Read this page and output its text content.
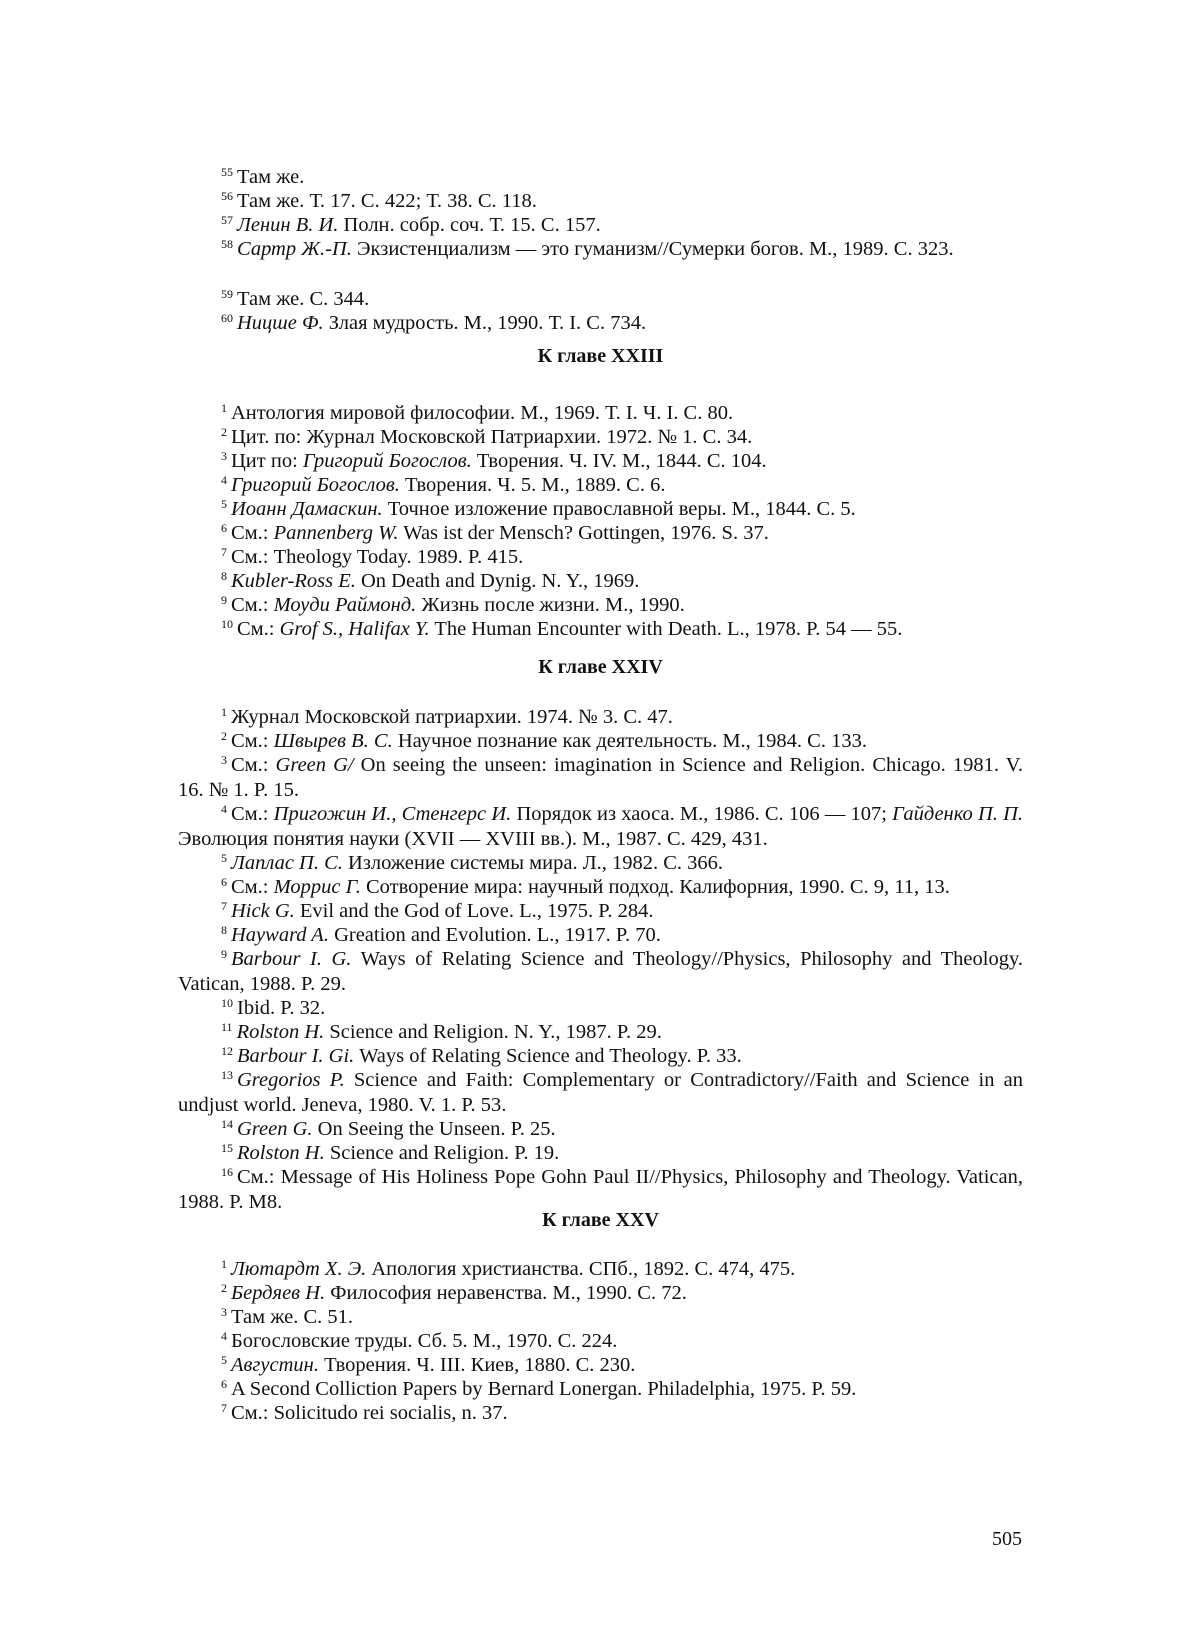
$^{55}$ Там же.
$^{56}$ Там же. Т. 17. С. 422; Т. 38. С. 118.
$^{57}$ Ленин В. И. Полн. собр. соч. Т. 15. С. 157.
$^{58}$ Сартр Ж.-П. Экзистенциализм — это гуманизм//Сумерки богов. М., 1989. С. 323.
$^{59}$ Там же. С. 344.
$^{60}$ Ницше Ф. Злая мудрость. М., 1990. Т. I. С. 734.
К главе XXIII
$^1$ Антология мировой философии. М., 1969. Т. I. Ч. I. С. 80.
$^2$ Цит. по: Журнал Московской Патриархии. 1972. № 1. С. 34.
$^3$ Цит по: Григорий Богослов. Творения. Ч. IV. М., 1844. С. 104.
$^4$ Григорий Богослов. Творения. Ч. 5. М., 1889. С. 6.
$^5$ Иоанн Дамаскин. Точное изложение православной веры. М., 1844. С. 5.
$^6$ См.: Pannenberg W. Was ist der Mensch? Gottingen, 1976. S. 37.
$^7$ См.: Theology Today. 1989. P. 415.
$^8$ Kubler-Ross E. On Death and Dynig. N. Y., 1969.
$^9$ См.: Моуди Раймонд. Жизнь после жизни. М., 1990.
$^{10}$ См.: Grof S., Halifax Y. The Human Encounter with Death. L., 1978. P. 54 — 55.
К главе XXIV
$^1$ Журнал Московской патриархии. 1974. № 3. С. 47.
$^2$ См.: Швырев В. С. Научное познание как деятельность. М., 1984. С. 133.
$^3$ См.: Green G/ On seeing the unseen: imagination in Science and Religion. Chicago. 1981. V. 16. № 1. P. 15.
$^4$ См.: Пригожин И., Стенгерс И. Порядок из хаоса. М., 1986. С. 106 — 107; Гайденко П. П. Эволюция понятия науки (XVII — XVIII вв.). М., 1987. С. 429, 431.
$^5$ Лаплас П. С. Изложение системы мира. Л., 1982. С. 366.
$^6$ См.: Моррис Г. Сотворение мира: научный подход. Калифорния, 1990. С. 9, 11, 13.
$^7$ Hick G. Evil and the God of Love. L., 1975. P. 284.
$^8$ Hayward A. Greation and Evolution. L., 1917. P. 70.
$^9$ Barbour I. G. Ways of Relating Science and Theology//Physics, Philosophy and Theology. Vatican, 1988. P. 29.
$^{10}$ Ibid. P. 32.
$^{11}$ Rolston H. Science and Religion. N. Y., 1987. P. 29.
$^{12}$ Barbour I. Gi. Ways of Relating Science and Theology. P. 33.
$^{13}$ Gregorios P. Science and Faith: Complementary or Contradictory//Faith and Science in an undjust world. Jeneva, 1980. V. 1. P. 53.
$^{14}$ Green G. On Seeing the Unseen. P. 25.
$^{15}$ Rolston H. Science and Religion. P. 19.
$^{16}$ См.: Message of His Holiness Pope Gohn Paul II//Physics, Philosophy and Theology. Vatican, 1988. P. M8.
К главе XXV
$^1$ Лютардт Х. Э. Апология христианства. СПб., 1892. С. 474, 475.
$^2$ Бердяев Н. Философия неравенства. М., 1990. С. 72.
$^3$ Там же. С. 51.
$^4$ Богословские труды. Сб. 5. М., 1970. С. 224.
$^5$ Августин. Творения. Ч. III. Киев, 1880. С. 230.
$^6$ A Second Colliction Papers by Bernard Lonergan. Philadelphia, 1975. P. 59.
$^7$ См.: Solicitudo rei socialis, n. 37.
505
